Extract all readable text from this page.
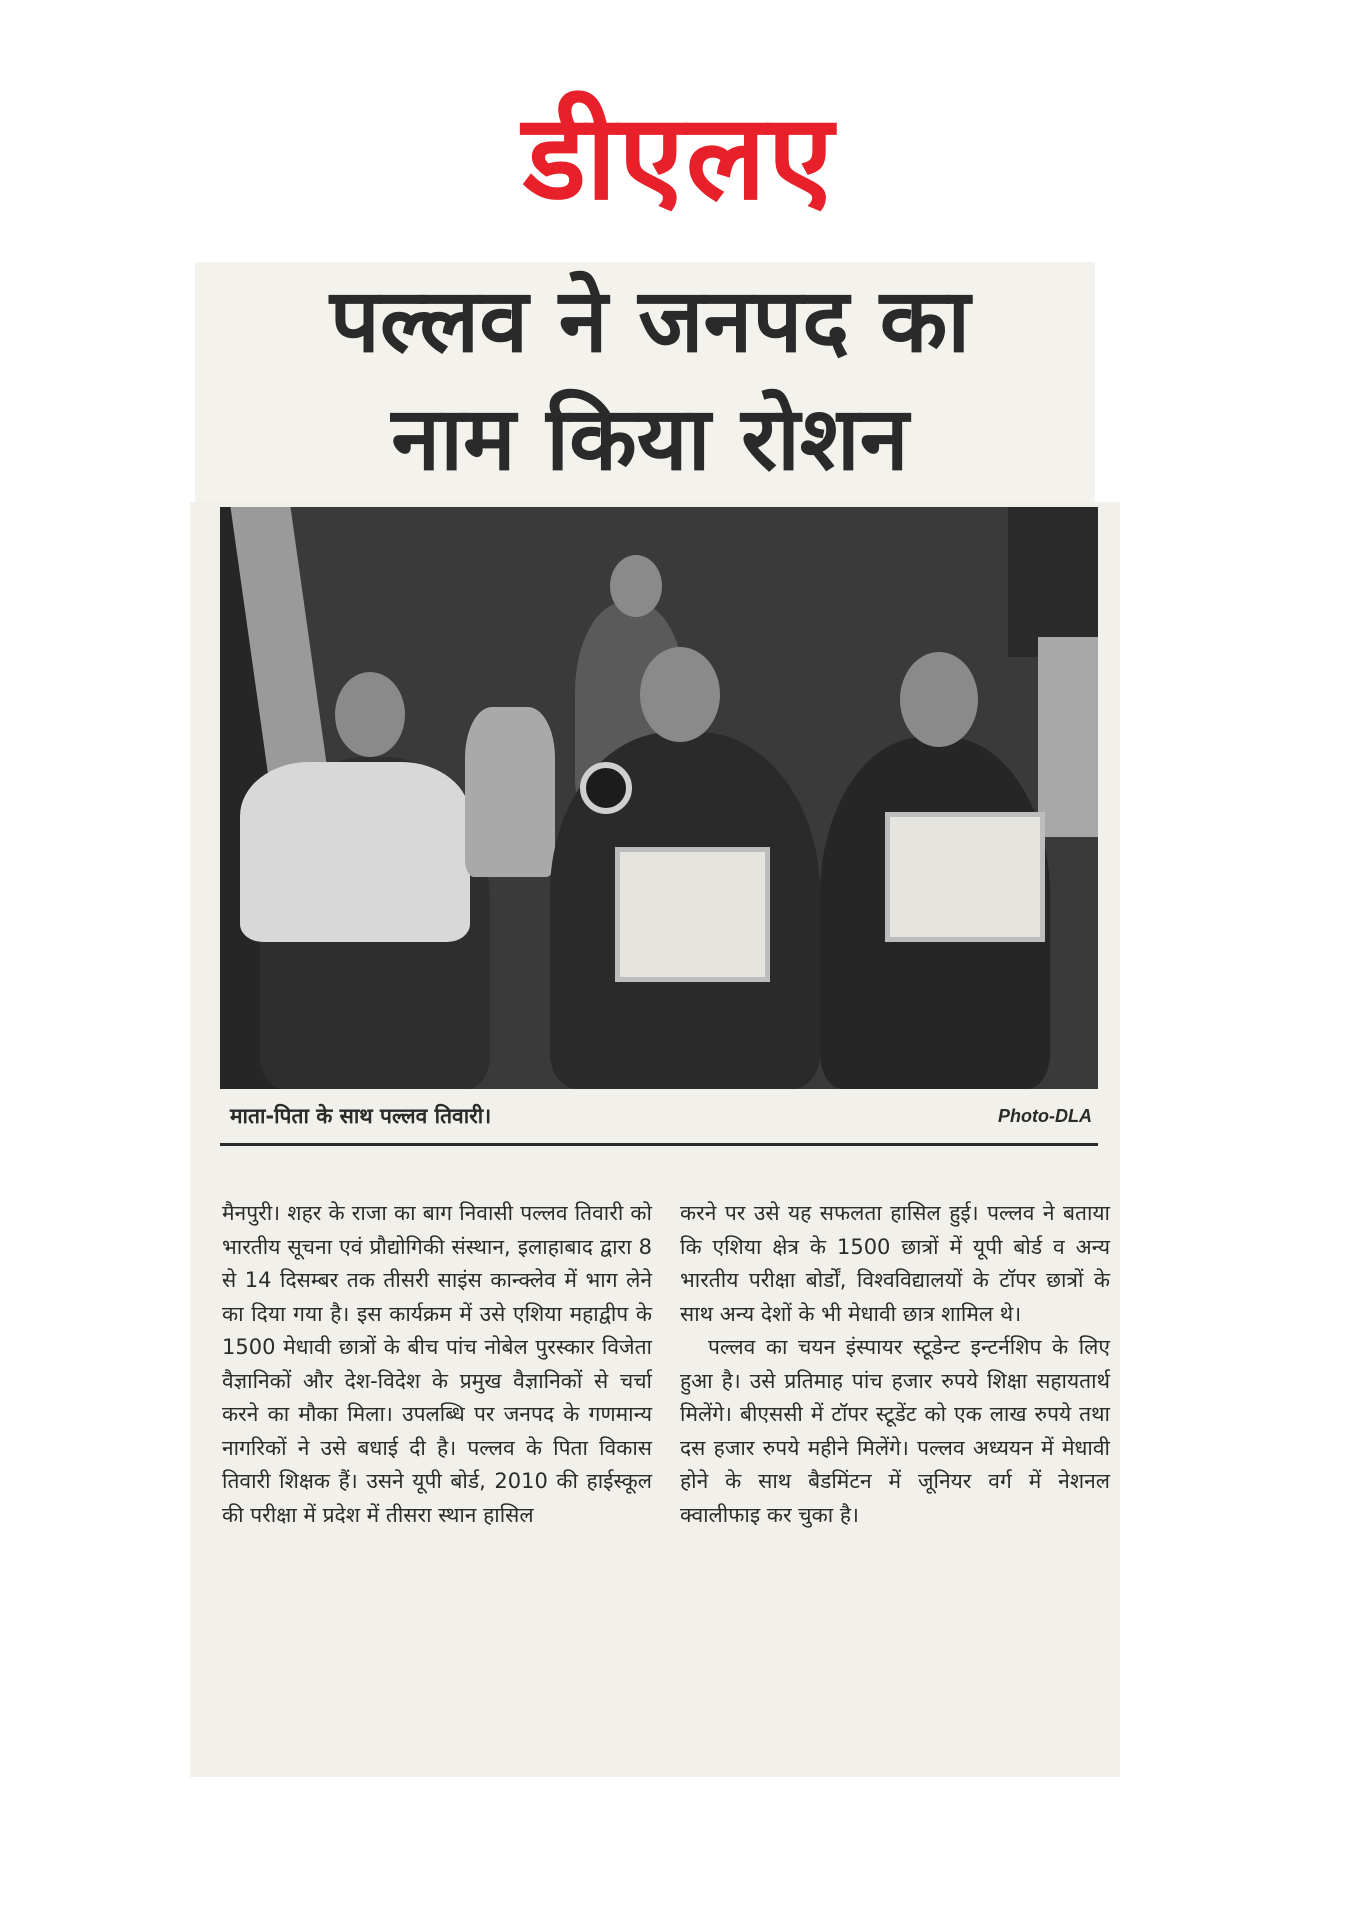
डीएलए
पल्लव ने जनपद का
नाम किया रोशन
माता-पिता के साथ पल्लव तिवारी।	Photo-DLA

मैनपुरी। शहर के राजा का बाग निवासी पल्लव तिवारी को भारतीय सूचना एवं प्रौद्योगिकी संस्थान, इलाहाबाद द्वारा 8 से 14 दिसम्बर तक तीसरी साइंस कान्क्लेव में भाग लेने का दिया गया है। इस कार्यक्रम में उसे एशिया महाद्वीप के 1500 मेधावी छात्रों के बीच पांच नोबेल पुरस्कार विजेता वैज्ञानिकों और देश-विदेश के प्रमुख वैज्ञानिकों से चर्चा करने का मौका मिला। उपलब्धि पर जनपद के गणमान्य नागरिकों ने उसे बधाई दी है। पल्लव के पिता विकास तिवारी शिक्षक हैं। उसने यूपी बोर्ड, 2010 की हाईस्कूल की परीक्षा में प्रदेश में तीसरा स्थान हासिल

करने पर उसे यह सफलता हासिल हुई। पल्लव ने बताया कि एशिया क्षेत्र के 1500 छात्रों में यूपी बोर्ड व अन्य भारतीय परीक्षा बोर्डों, विश्वविद्यालयों के टॉपर छात्रों के साथ अन्य देशों के भी मेधावी छात्र शामिल थे।

पल्लव का चयन इंस्पायर स्टूडेन्ट इन्टर्नशिप के लिए हुआ है। उसे प्रतिमाह पांच हजार रुपये शिक्षा सहायतार्थ मिलेंगे। बीएससी में टॉपर स्टूडेंट को एक लाख रुपये तथा दस हजार रुपये महीने मिलेंगे। पल्लव अध्ययन में मेधावी होने के साथ बैडमिंटन में जूनियर वर्ग में नेशनल क्वालीफाइ कर चुका है।
